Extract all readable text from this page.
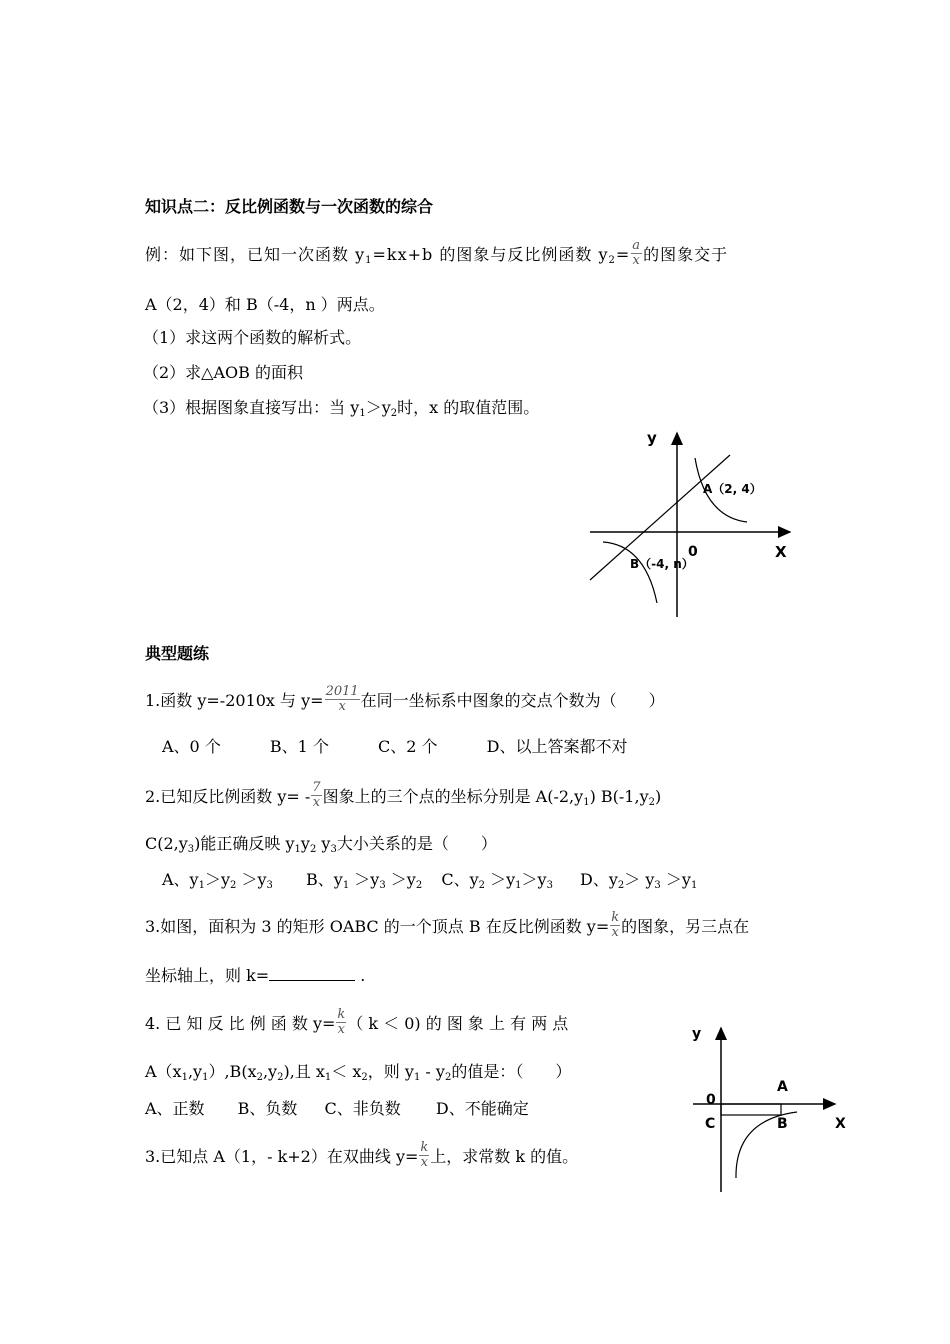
知识点二：反比例函数与一次函数的综合
例：如下图，已知一次函数 $y_1=kx+b$ 的图象与反比例函数 $y_2= \frac{a}{x}$ 的图象交于
A（2，4）和 B（-4，n ）两点。
（1）求这两个函数的解析式。
（2）求△AOB 的面积
（3）根据图象直接写出：当 $y_1>y_2$时，x 的取值范围。
y
X
0
A（2, 4）
B（-4, n）
典型题练
1.函数 y=-2010x 与 $y= \frac{2011}{x}$ 在同一坐标系中图象的交点个数为（　　）
A、0 个	B、1 个	C、2 个	D、以上答案都不对
2.已知反比例函数 $y= - \frac{7}{x}$ 图象上的三个点的坐标分别是 $A(-2,y_1)$ $B(-1,y_2)$
$C(2,y_3)$能正确反映 $y_1y_2$ $y_3$大小关系的是（　　）
A、$y_1>y_2 >y_3$ B、$y_1 >y_3 >y_2$ C、$y_2 >y_1>y_3$ D、$y_2> y_3 >y_1$
3.如图，面积为 3 的矩形 OABC 的一个顶点 B 在反比例函数 $y= \frac{k}{x}$ 的图象，另三点在
坐标轴上，则 k=	.
4. 已 知 反 比 例 函 数 $y= \frac{k}{x}$ （ k ＜ 0) 的 图 象 上 有 两 点
$A(x_1,y_1),B(x_2,y_2)$,且 $x_1< x_2$，则 $y_1 - y_2$的值是：（　　）
A、正数 B、负数 C、非负数 D、不能确定
3.已知点 A（1，- k+2）在双曲线 $y= \frac{k}{x}$ 上，求常数 k 的值。
y
X
0
A
B
C
